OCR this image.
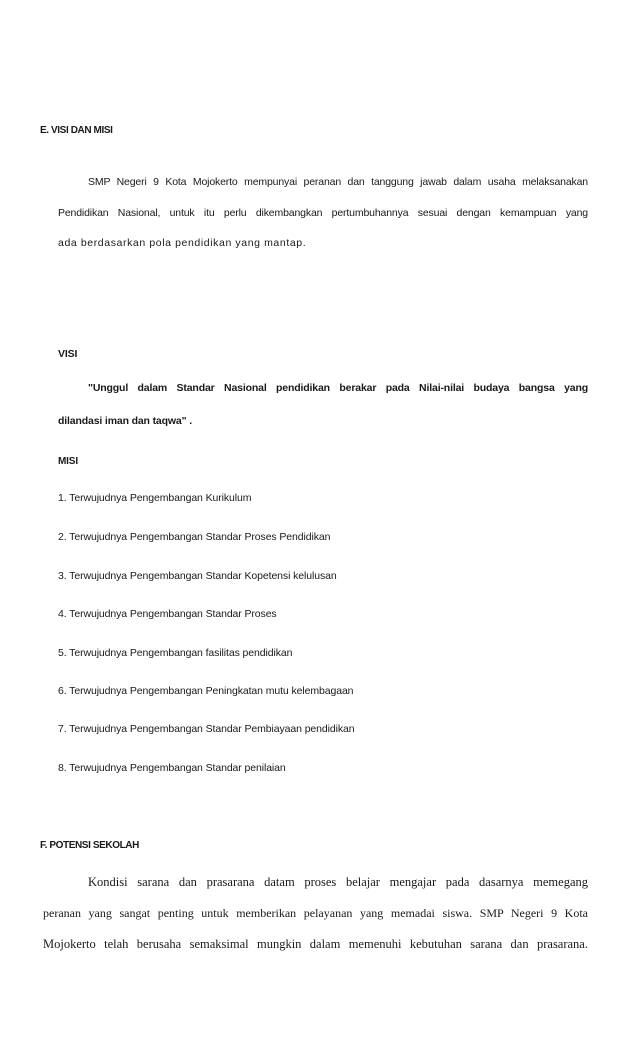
E. VISI DAN MISI
SMP Negeri 9 Kota Mojokerto mempunyai peranan dan tanggung jawab dalam usaha melaksanakan
Pendidikan Nasional, untuk itu perlu dikembangkan pertumbuhannya sesuai dengan kemampuan yang
ada berdasarkan pola pendidikan yang mantap.
VISI
"Unggul dalam Standar Nasional pendidikan berakar pada Nilai-nilai budaya bangsa yang
dilandasi iman dan taqwa" .
MISI
1. Terwujudnya Pengembangan Kurikulum
2. Terwujudnya Pengembangan Standar Proses Pendidikan
3. Terwujudnya Pengembangan Standar Kopetensi kelulusan
4. Terwujudnya Pengembangan Standar Proses
5. Terwujudnya Pengembangan fasilitas pendidikan
6. Terwujudnya Pengembangan Peningkatan mutu kelembagaan
7. Terwujudnya Pengembangan Standar Pembiayaan pendidikan
8. Terwujudnya Pengembangan Standar penilaian
F. POTENSI SEKOLAH
Kondisi sarana dan prasarana datam proses belajar mengajar pada dasarnya memegang
peranan yang sangat penting untuk memberikan pelayanan yang memadai siswa. SMP Negeri 9 Kota
Mojokerto telah berusaha semaksimal mungkin dalam memenuhi kebutuhan sarana dan prasarana.
